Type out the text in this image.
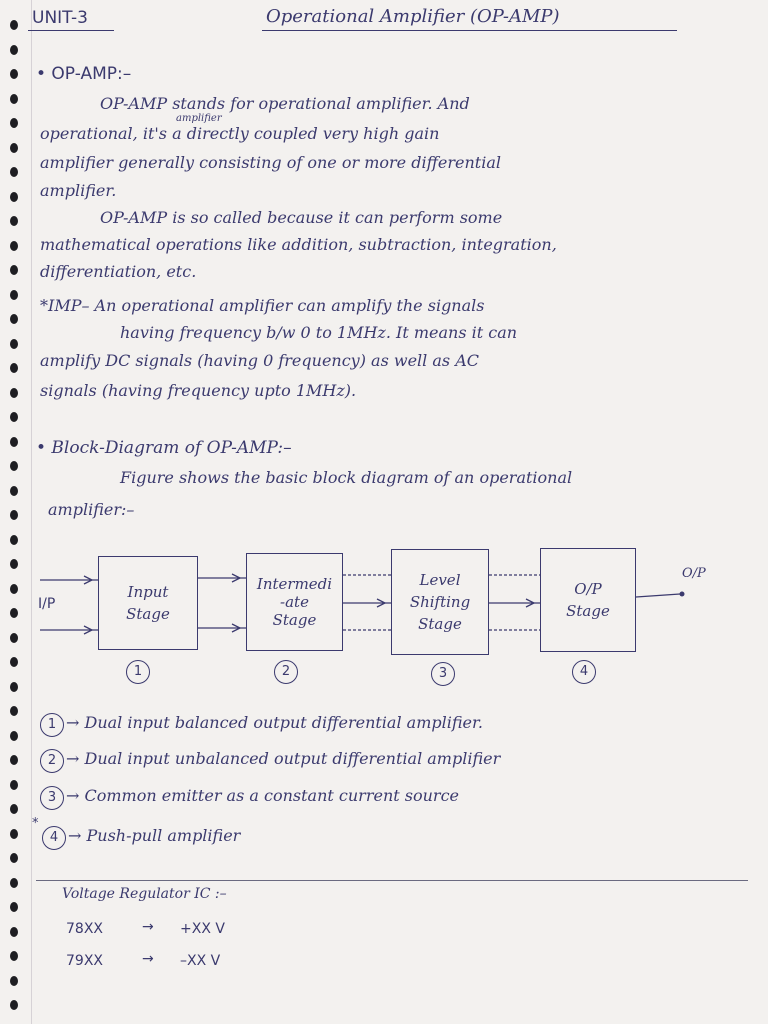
UNIT-3	Operational Amplifier (OP-AMP)
• OP-AMP:–
OP-AMP stands for operational amplifier. And
amplifier
operational, it's a directly coupled very high gain
amplifier generally consisting of one or more differential
amplifier.
OP-AMP is so called because it can perform some
mathematical operations like addition, subtraction, integration,
differentiation, etc.
*IMP– An operational amplifier can amplify the signals
having frequency b/w 0 to 1MHz. It means it can
amplify DC signals (having 0 frequency) as well as AC
signals (having frequency upto 1MHz).
• Block-Diagram of OP-AMP:–
Figure shows the basic block diagram of an operational
amplifier:–
I/P
O/P
Input
Stage
Intermedi
-ate
Stage
Level
Shifting
Stage
O/P
Stage
1	2	3	4
1 → Dual input balanced output differential amplifier.
2 → Dual input unbalanced output differential amplifier
3 → Common emitter as a constant current source
*
4 → Push-pull amplifier
Voltage Regulator IC :–
78XX	→ +XX V
79XX	→ –XX V
